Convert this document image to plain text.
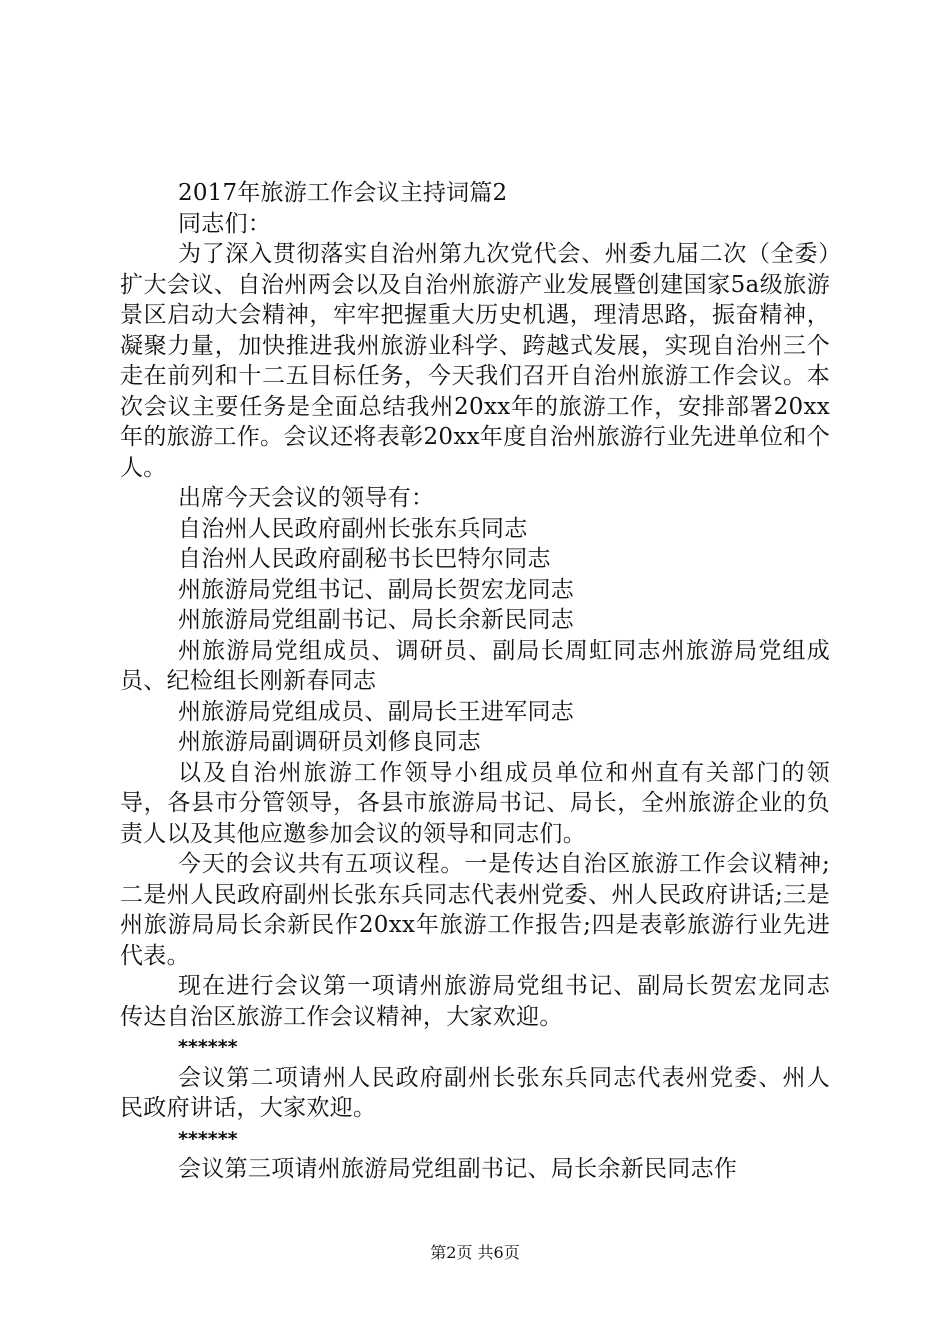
2017年旅游工作会议主持词篇2

同志们：

为了深入贯彻落实自治州第九次党代会、州委九届二次（全委）扩大会议、自治州两会以及自治州旅游产业发展暨创建国家5a级旅游景区启动大会精神，牢牢把握重大历史机遇，理清思路，振奋精神，凝聚力量，加快推进我州旅游业科学、跨越式发展，实现自治州三个走在前列和十二五目标任务，今天我们召开自治州旅游工作会议。本次会议主要任务是全面总结我州20xx年的旅游工作，安排部署20xx年的旅游工作。会议还将表彰20xx年度自治州旅游行业先进单位和个人。

出席今天会议的领导有：

自治州人民政府副州长张东兵同志

自治州人民政府副秘书长巴特尔同志

州旅游局党组书记、副局长贺宏龙同志

州旅游局党组副书记、局长余新民同志

州旅游局党组成员、调研员、副局长周虹同志州旅游局党组成员、纪检组长刚新春同志

州旅游局党组成员、副局长王进军同志

州旅游局副调研员刘修良同志

以及自治州旅游工作领导小组成员单位和州直有关部门的领导，各县市分管领导，各县市旅游局书记、局长，全州旅游企业的负责人以及其他应邀参加会议的领导和同志们。

今天的会议共有五项议程。一是传达自治区旅游工作会议精神;二是州人民政府副州长张东兵同志代表州党委、州人民政府讲话;三是州旅游局局长余新民作20xx年旅游工作报告;四是表彰旅游行业先进代表。

现在进行会议第一项请州旅游局党组书记、副局长贺宏龙同志传达自治区旅游工作会议精神，大家欢迎。

******

会议第二项请州人民政府副州长张东兵同志代表州党委、州人民政府讲话，大家欢迎。

******

会议第三项请州旅游局党组副书记、局长余新民同志作

第2页 共6页
